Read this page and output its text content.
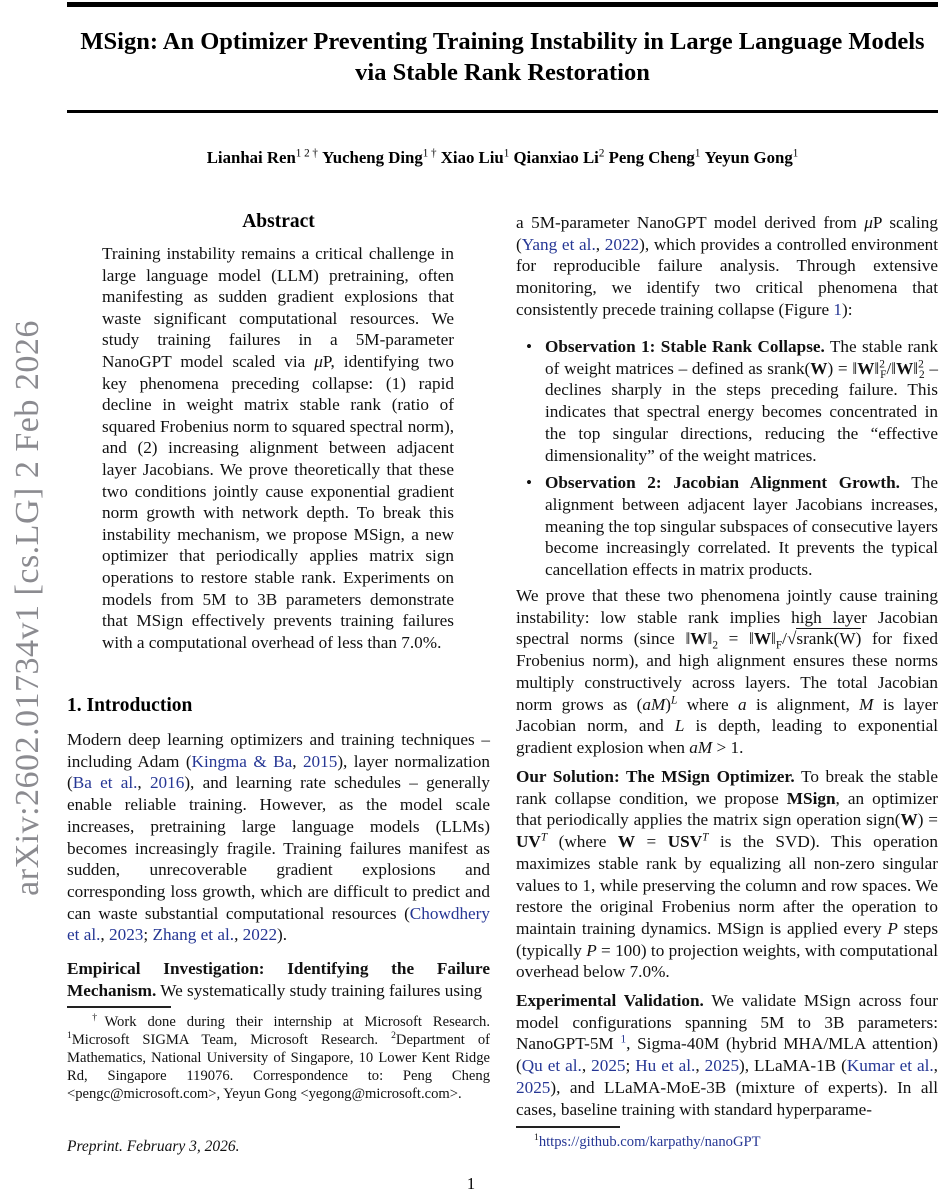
arXiv:2602.01734v1 [cs.LG] 2 Feb 2026
MSign: An Optimizer Preventing Training Instability in Large Language Models
via Stable Rank Restoration
Lianhai Ren$^{1 2 \dagger}$ Yucheng Ding$^{1 \dagger}$ Xiao Liu$^1$ Qianxiao Li$^2$ Peng Cheng$^1$ Yeyun Gong$^1$
Abstract
Training instability remains a critical challenge in large language model (LLM) pretraining, often manifesting as sudden gradient explosions that waste significant computational resources. We study training failures in a 5M-parameter NanoGPT model scaled via μP, identifying two key phenomena preceding collapse: (1) rapid decline in weight matrix stable rank (ratio of squared Frobenius norm to squared spectral norm), and (2) increasing alignment between adjacent layer Jacobians. We prove theoretically that these two conditions jointly cause exponential gradient norm growth with network depth. To break this instability mechanism, we propose MSign, a new optimizer that periodically applies matrix sign operations to restore stable rank. Experiments on models from 5M to 3B parameters demonstrate that MSign effectively prevents training failures with a computational overhead of less than 7.0%.
1. Introduction

Modern deep learning optimizers and training techniques – including Adam (Kingma & Ba, 2015), layer normalization (Ba et al., 2016), and learning rate schedules – generally enable reliable training. However, as the model scale increases, pretraining large language models (LLMs) becomes increasingly fragile. Training failures manifest as sudden, unrecoverable gradient explosions and corresponding loss growth, which are difficult to predict and can waste substantial computational resources (Chowdhery et al., 2023; Zhang et al., 2022).

Empirical Investigation: Identifying the Failure Mechanism. We systematically study training failures using

†Work done during their internship at Microsoft Research. $^1$Microsoft SIGMA Team, Microsoft Research. $^2$Department of Mathematics, National University of Singapore, 10 Lower Kent Ridge Rd, Singapore 119076. Correspondence to: Peng Cheng <pengc@microsoft.com>, Yeyun Gong <yegong@microsoft.com>.

Preprint. February 3, 2026.

a 5M-parameter NanoGPT model derived from μP scaling (Yang et al., 2022), which provides a controlled environment for reproducible failure analysis. Through extensive monitoring, we identify two critical phenomena that consistently precede training collapse (Figure 1):

• Observation 1: Stable Rank Collapse. The stable rank of weight matrices – defined as srank(W) = ‖W‖$^2_F$/‖W‖$^2_2$ – declines sharply in the steps preceding failure. This indicates that spectral energy becomes concentrated in the top singular directions, reducing the “effective dimensionality” of the weight matrices.
• Observation 2: Jacobian Alignment Growth. The alignment between adjacent layer Jacobians increases, meaning the top singular subspaces of consecutive layers become increasingly correlated. It prevents the typical cancellation effects in matrix products.

We prove that these two phenomena jointly cause training instability: low stable rank implies high layer Jacobian spectral norms (since $‖W‖_2$ = $‖W‖_F/√srank(W)$ for fixed Frobenius norm), and high alignment ensures these norms multiply constructively across layers. The total Jacobian norm grows as (aM)$^L$ where a is alignment, M is layer Jacobian norm, and L is depth, leading to exponential gradient explosion when aM > 1.

Our Solution: The MSign Optimizer. To break the stable rank collapse condition, we propose MSign, an optimizer that periodically applies the matrix sign operation sign(W) = $UV^T$ (where $W = USV^T$ is the SVD). This operation maximizes stable rank by equalizing all non-zero singular values to 1, while preserving the column and row spaces. We restore the original Frobenius norm after the operation to maintain training dynamics. MSign is applied every P steps (typically P = 100) to projection weights, with computational overhead below 7.0%.

Experimental Validation. We validate MSign across four model configurations spanning 5M to 3B parameters: NanoGPT-5M $^1$, Sigma-40M (hybrid MHA/MLA attention) (Qu et al., 2025; Hu et al., 2025), LLaMA-1B (Kumar et al., 2025), and LLaMA-MoE-3B (mixture of experts). In all cases, baseline training with standard hyperparame-

$^1$https://github.com/karpathy/nanoGPT

1
